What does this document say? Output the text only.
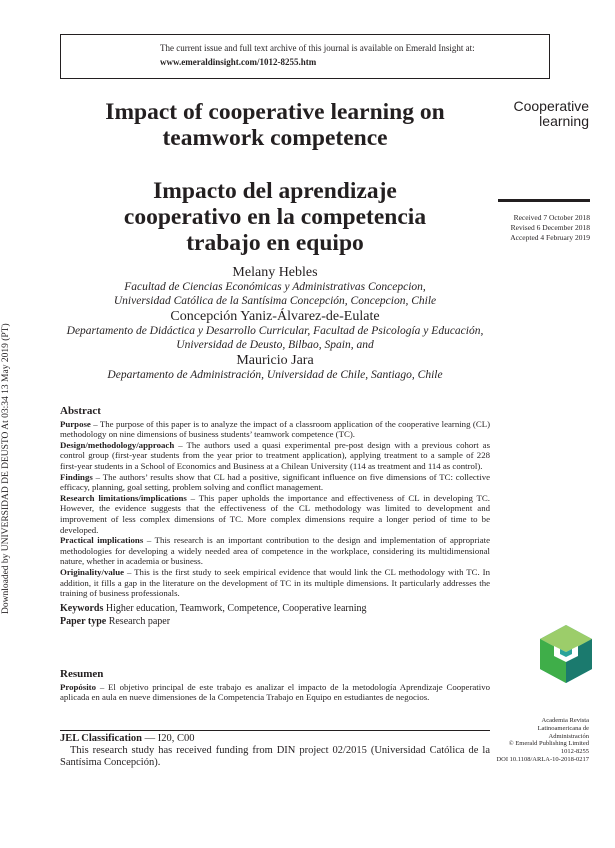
The current issue and full text archive of this journal is available on Emerald Insight at:
www.emeraldinsight.com/1012-8255.htm
Downloaded by UNIVERSIDAD DE DEUSTO At 03:34 13 May 2019 (PT)
Cooperative
learning
Received 7 October 2018
Revised 6 December 2018
Accepted 4 February 2019
Impact of cooperative learning on
teamwork competence
Impacto del aprendizaje
cooperativo en la competencia
trabajo en equipo
Melany Hebles
Facultad de Ciencias Económicas y Administrativas Concepcion,
Universidad Católica de la Santísima Concepción, Concepcion, Chile
Concepción Yaniz-Álvarez-de-Eulate
Departamento de Didáctica y Desarrollo Curricular, Facultad de Psicología y Educación,
Universidad de Deusto, Bilbao, Spain, and
Mauricio Jara
Departamento de Administración, Universidad de Chile, Santiago, Chile
Abstract

Purpose – The purpose of this paper is to analyze the impact of a classroom application of the cooperative learning (CL) methodology on nine dimensions of business students’ teamwork competence (TC).

Design/methodology/approach – The authors used a quasi experimental pre-post design with a previous cohort as control group (first-year students from the year prior to treatment application), applying treatment to a sample of 228 first-year students in a School of Economics and Business at a Chilean University (114 as treatment and 114 as control).

Findings – The authors’ results show that CL had a positive, significant influence on five dimensions of TC: collective efficacy, planning, goal setting, problem solving and conflict management.

Research limitations/implications – This paper upholds the importance and effectiveness of CL in developing TC. However, the evidence suggests that the effectiveness of the CL methodology was limited to development and improvement of less complex dimensions of TC. More complex dimensions require a longer period of time to be developed.

Practical implications – This research is an important contribution to the design and implementation of appropriate methodologies for developing a widely needed area of competence in the workplace, considering its multidimensional nature, whether in academia or business.

Originality/value – This is the first study to seek empirical evidence that would link the CL methodology with TC. In addition, it fills a gap in the literature on the development of TC in its multiple dimensions. It particularly addresses the training of business professionals.

Keywords Higher education, Teamwork, Competence, Cooperative learning

Paper type Research paper

Resumen

Propósito – El objetivo principal de este trabajo es analizar el impacto de la metodología Aprendizaje Cooperativo aplicada en aula en nueve dimensiones de la Competencia Trabajo en Equipo en estudiantes de negocios.

JEL Classification — I20, C00

This research study has received funding from DIN project 02/2015 (Universidad Católica de la Santísima Concepción).

Academia Revista
Latinoamericana de
Administración
© Emerald Publishing Limited
1012-8255
DOI 10.1108/ARLA-10-2018-0217
